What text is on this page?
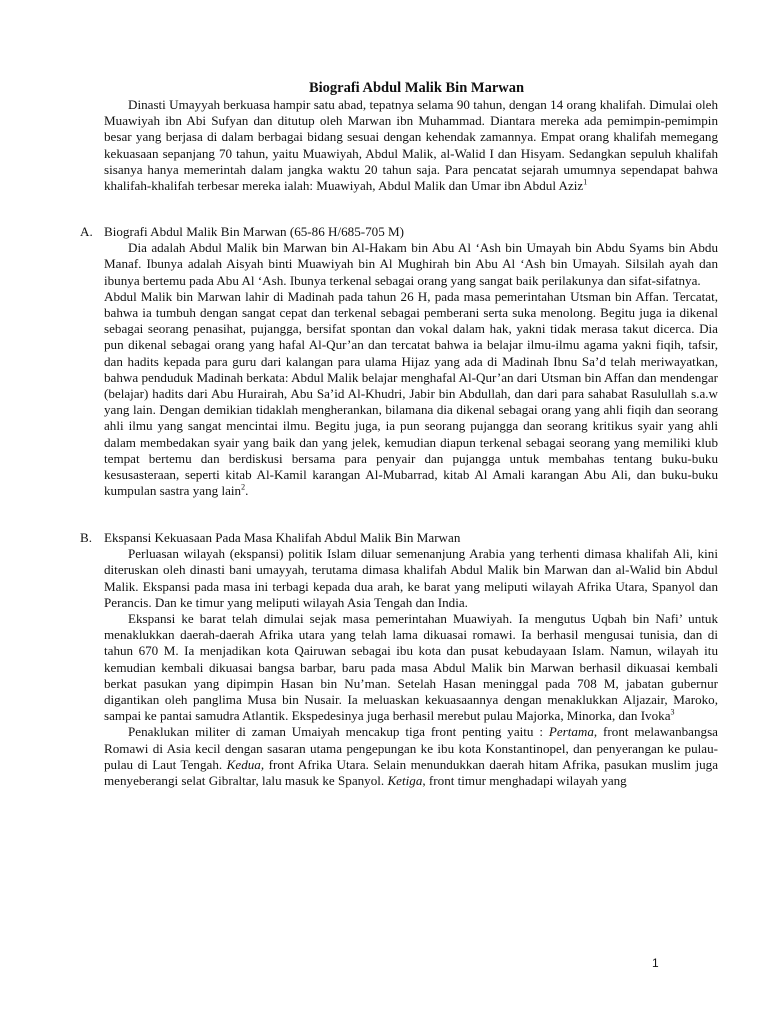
Biografi Abdul Malik Bin Marwan

Dinasti Umayyah berkuasa hampir satu abad, tepatnya selama 90 tahun, dengan 14 orang khalifah. Dimulai oleh Muawiyah ibn Abi Sufyan dan ditutup oleh Marwan ibn Muhammad. Diantara mereka ada pemimpin-pemimpin besar yang berjasa di dalam berbagai bidang sesuai dengan kehendak zamannya. Empat orang khalifah memegang kekuasaan sepanjang 70 tahun, yaitu Muawiyah, Abdul Malik, al-Walid I dan Hisyam. Sedangkan sepuluh khalifah sisanya hanya memerintah dalam jangka waktu 20 tahun saja. Para pencatat sejarah umumnya sependapat bahwa khalifah-khalifah terbesar mereka ialah: Muawiyah, Abdul Malik dan Umar ibn Abdul Aziz$^1$

A. Biografi Abdul Malik Bin Marwan (65-86 H/685-705 M)

Dia adalah Abdul Malik bin Marwan bin Al-Hakam bin Abu Al ‘Ash bin Umayah bin Abdu Syams bin Abdu Manaf. Ibunya adalah Aisyah binti Muawiyah bin Al Mughirah bin Abu Al ‘Ash bin Umayah. Silsilah ayah dan ibunya bertemu pada Abu Al ‘Ash. Ibunya terkenal sebagai orang yang sangat baik perilakunya dan sifat-sifatnya.

Abdul Malik bin Marwan lahir di Madinah pada tahun 26 H, pada masa pemerintahan Utsman bin Affan. Tercatat, bahwa ia tumbuh dengan sangat cepat dan terkenal sebagai pemberani serta suka menolong. Begitu juga ia dikenal sebagai seorang penasihat, pujangga, bersifat spontan dan vokal dalam hak, yakni tidak merasa takut dicerca. Dia pun dikenal sebagai orang yang hafal Al-Qur’an dan tercatat bahwa ia belajar ilmu-ilmu agama yakni fiqih, tafsir, dan hadits kepada para guru dari kalangan para ulama Hijaz yang ada di Madinah Ibnu Sa’d telah meriwayatkan, bahwa penduduk Madinah berkata: Abdul Malik belajar menghafal Al-Qur’an dari Utsman bin Affan dan mendengar (belajar) hadits dari Abu Hurairah, Abu Sa’id Al-Khudri, Jabir bin Abdullah, dan dari para sahabat Rasulullah s.a.w yang lain. Dengan demikian tidaklah mengherankan, bilamana dia dikenal sebagai orang yang ahli fiqih dan seorang ahli ilmu yang sangat mencintai ilmu. Begitu juga, ia pun seorang pujangga dan seorang kritikus syair yang ahli dalam membedakan syair yang baik dan yang jelek, kemudian diapun terkenal sebagai seorang yang memiliki klub tempat bertemu dan berdiskusi bersama para penyair dan pujangga untuk membahas tentang buku-buku kesusasteraan, seperti kitab Al-Kamil karangan Al-Mubarrad, kitab Al Amali karangan Abu Ali, dan buku-buku kumpulan sastra yang lain$^2$.

B. Ekspansi Kekuasaan Pada Masa Khalifah Abdul Malik Bin Marwan

Perluasan wilayah (ekspansi) politik Islam diluar semenanjung Arabia yang terhenti dimasa khalifah Ali, kini diteruskan oleh dinasti bani umayyah, terutama dimasa khalifah Abdul Malik bin Marwan dan al-Walid bin Abdul Malik. Ekspansi pada masa ini terbagi kepada dua arah, ke barat yang meliputi wilayah Afrika Utara, Spanyol dan Perancis. Dan ke timur yang meliputi wilayah Asia Tengah dan India.

Ekspansi ke barat telah dimulai sejak masa pemerintahan Muawiyah. Ia mengutus Uqbah bin Nafi’ untuk menaklukkan daerah-daerah Afrika utara yang telah lama dikuasai romawi. Ia berhasil mengusai tunisia, dan di tahun 670 M. Ia menjadikan kota Qairuwan sebagai ibu kota dan pusat kebudayaan Islam. Namun, wilayah itu kemudian kembali dikuasai bangsa barbar, baru pada masa Abdul Malik bin Marwan berhasil dikuasai kembali berkat pasukan yang dipimpin Hasan bin Nu’man. Setelah Hasan meninggal pada 708 M, jabatan gubernur digantikan oleh panglima Musa bin Nusair. Ia meluaskan kekuasaannya dengan menaklukkan Aljazair, Maroko, sampai ke pantai samudra Atlantik. Ekspedesinya juga berhasil merebut pulau Majorka, Minorka, dan Ivoka$^3$

Penaklukan militer di zaman Umaiyah mencakup tiga front penting yaitu : Pertama, front melawanbangsa Romawi di Asia kecil dengan sasaran utama pengepungan ke ibu kota Konstantinopel, dan penyerangan ke pulau-pulau di Laut Tengah. Kedua, front Afrika Utara. Selain menundukkan daerah hitam Afrika, pasukan muslim juga menyeberangi selat Gibraltar, lalu masuk ke Spanyol. Ketiga, front timur menghadapi wilayah yang

1
